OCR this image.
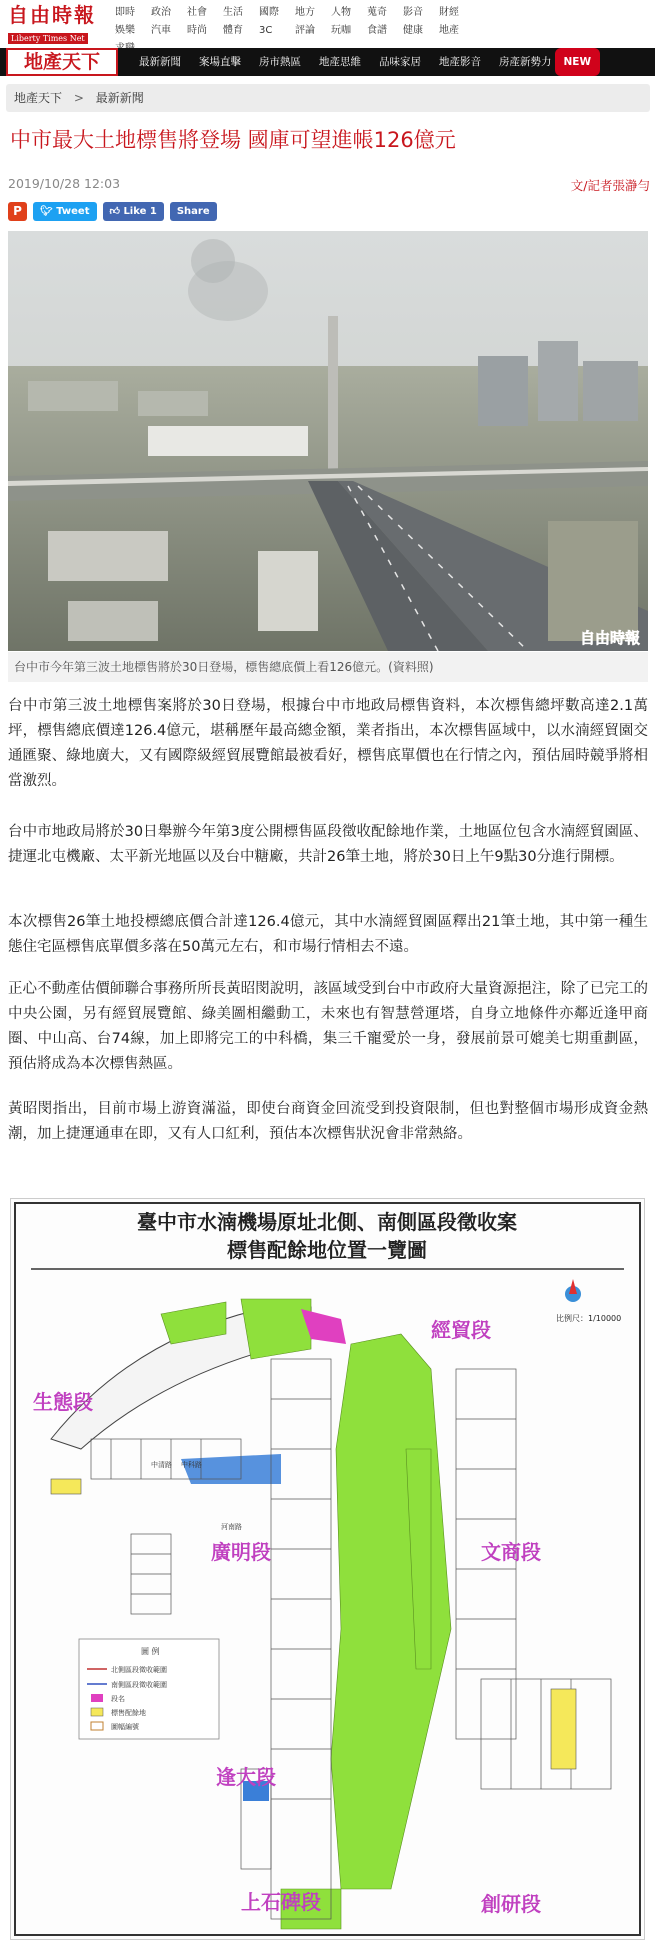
自由時報
Liberty Times Net
即時	政治	社會	生活	國際	地方	人物	蒐奇	影音	財經
娛樂	汽車	時尚	體育	3C	評論	玩咖	食譜	健康	地產
地產天下	最新新聞	案場直擊	房市熱區	地產思維	品味家居	地產影音	房產新勢力 NEW
地產天下 > 最新新聞
中市最大土地標售將登場 國庫可望進帳126億元
2019/10/28 12:03	文/記者張瀞勻
P	🐦︎ Tweet	👍︎ Like 1	Share
自由時報
台中市今年第三波土地標售將於30日登場，標售總底價上看126億元。(資料照)

台中市第三波土地標售案將於30日登場，根據台中市地政局標售資料，本次標售總坪數高達2.1萬坪，標售總底價達126.4億元，堪稱歷年最高總金額，業者指出，本次標售區域中，以水湳經貿園交通匯聚、綠地廣大，又有國際級經貿展覽館最被看好，標售底單價也在行情之內，預估屆時競爭將相當激烈。

台中市地政局將於30日舉辦今年第3度公開標售區段徵收配餘地作業，土地區位包含水湳經貿園區、捷運北屯機廠、太平新光地區以及台中糖廠，共計26筆土地，將於30日上午9點30分進行開標。

本次標售26筆土地投標總底價合計達126.4億元，其中水湳經貿園區釋出21筆土地，其中第一種生態住宅區標售底單價多落在50萬元左右，和市場行情相去不遠。

正心不動產估價師聯合事務所所長黃昭閔說明，該區域受到台中市政府大量資源挹注，除了已完工的中央公園，另有經貿展覽館、綠美圖相繼動工，未來也有智慧營運塔，自身立地條件亦鄰近逢甲商圈、中山高、台74線，加上即將完工的中科橋，集三千寵愛於一身，發展前景可媲美七期重劃區，預估將成為本次標售熱區。

黃昭閔指出，目前市場上游資滿溢，即使台商資金回流受到投資限制，但也對整個市場形成資金熱潮，加上捷運通車在即，又有人口紅利，預估本次標售狀況會非常熱絡。

臺中市水湳機場原址北側、南側區段徵收案
標售配餘地位置一覽圖
比例尺：1/10000
中科路
河南路
中清路
經貿段
生態段
廣明段	文商段
逢大段
上石碑段	創研段
圖 例
北側區段徵收範圍
南側區段徵收範圍
段名
標售配餘地
圖幅編號
